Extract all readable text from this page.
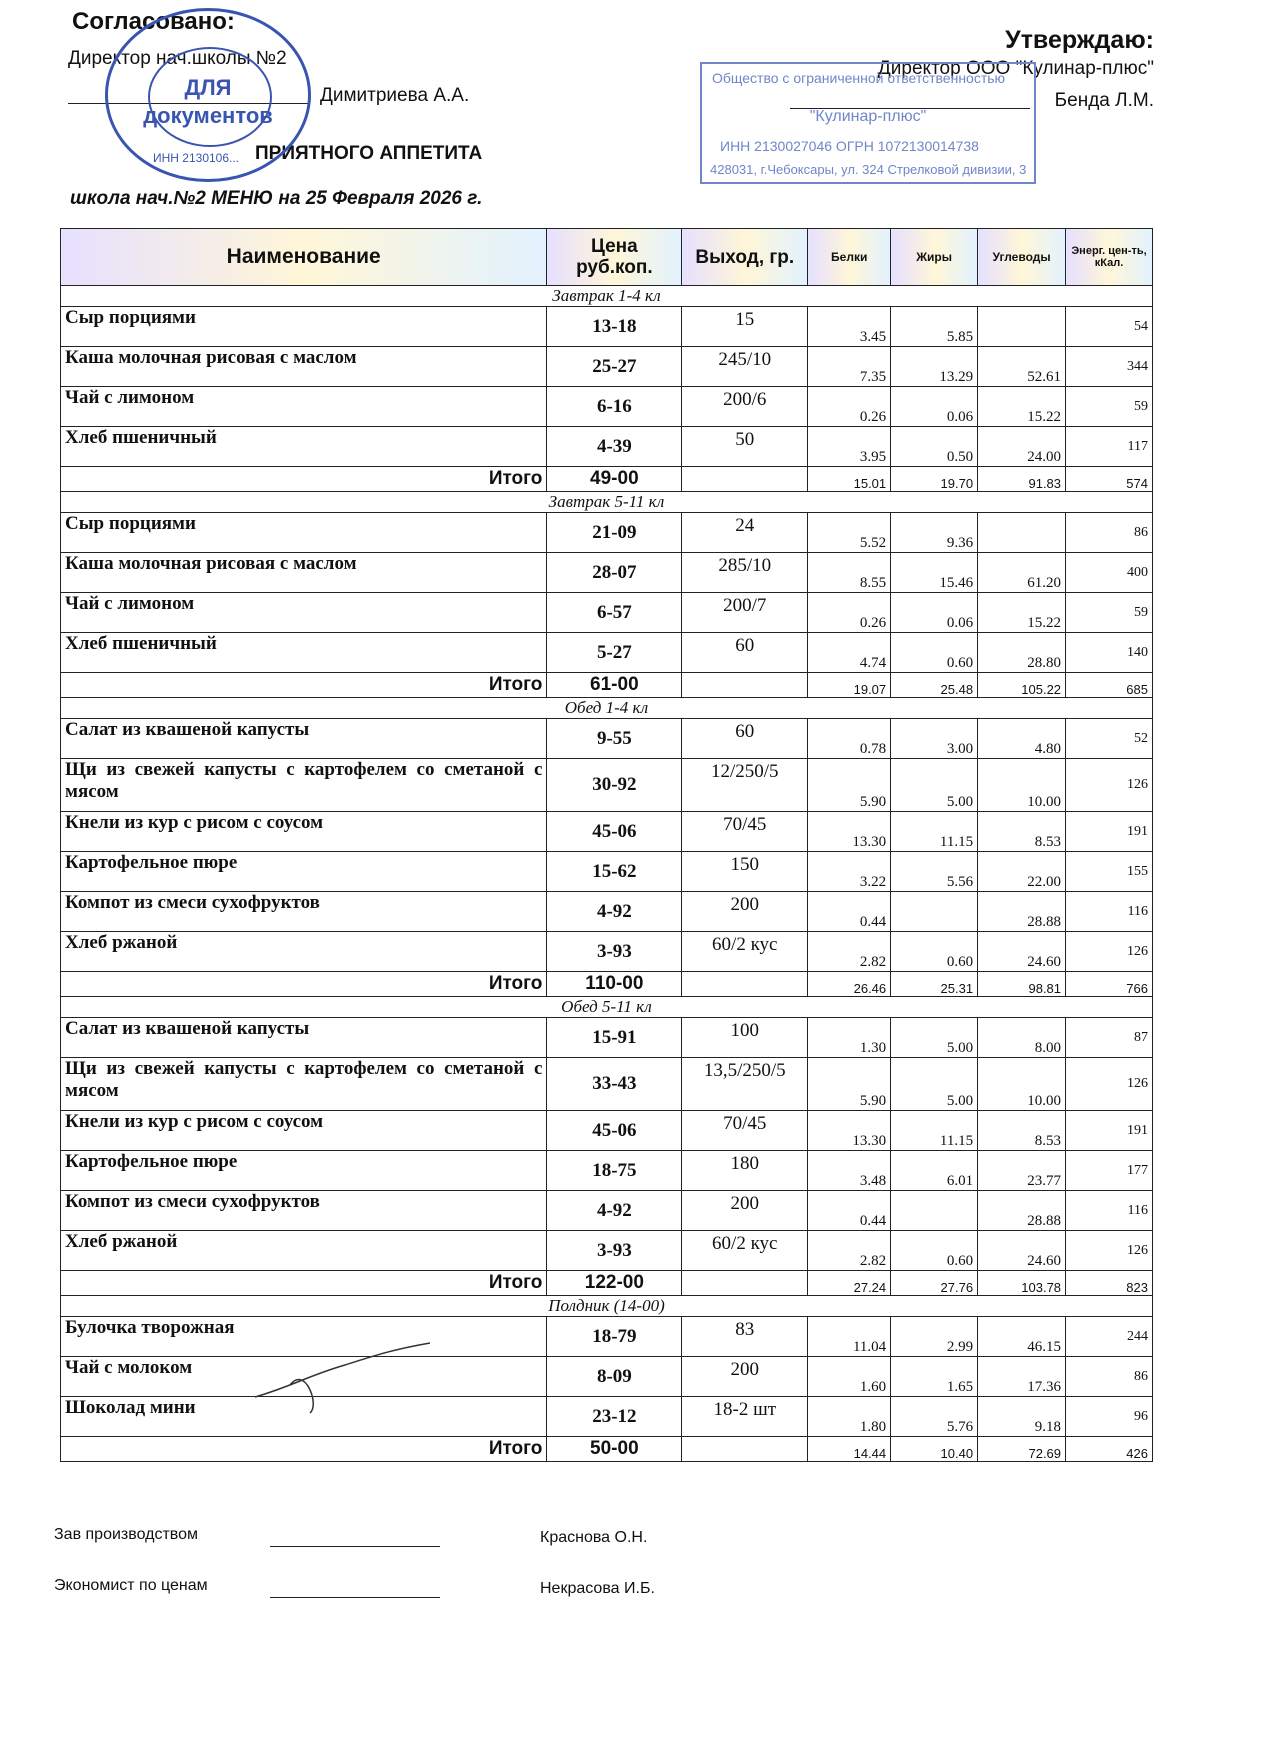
Согласовано:
Директор нач.школы №2
Димитриева А.А.
Утверждаю:
Директор ООО "Кулинар-плюс"
Бенда Л.М.
ПРИЯТНОГО АППЕТИТА
школа нач.№2 МЕНЮ на 25 Февраля 2026 г.
ДЛЯ
документов
ИНН 2130106...
Общество с ограниченной ответственностью
"Кулинар-плюс"
ИНН 2130027046 ОГРН 1072130014738
428031, г.Чебоксары, ул. 324 Стрелковой дивизии, 3
Наименование	Цена руб.коп.	Выход, гр.	Белки	Жиры	Углеводы	Энерг. цен-ть, кКал.
Завтрак 1-4 кл						
Сыр порциями	13-18	15	3.45	5.85		54
Каша молочная рисовая с маслом	25-27	245/10	7.35	13.29	52.61	344
Чай с лимоном	6-16	200/6	0.26	0.06	15.22	59
Хлеб пшеничный	4-39	50	3.95	0.50	24.00	117
Итого	49-00		15.01	19.70	91.83	574
Завтрак 5-11 кл						
Сыр порциями	21-09	24	5.52	9.36		86
Каша молочная рисовая с маслом	28-07	285/10	8.55	15.46	61.20	400
Чай с лимоном	6-57	200/7	0.26	0.06	15.22	59
Хлеб пшеничный	5-27	60	4.74	0.60	28.80	140
Итого	61-00		19.07	25.48	105.22	685
Обед 1-4 кл						
Салат из квашеной капусты	9-55	60	0.78	3.00	4.80	52
Щи из свежей капусты с картофелем со сметаной с мясом	30-92	12/250/5	5.90	5.00	10.00	126
Кнели из кур с рисом с соусом	45-06	70/45	13.30	11.15	8.53	191
Картофельное пюре	15-62	150	3.22	5.56	22.00	155
Компот из смеси сухофруктов	4-92	200	0.44		28.88	116
Хлеб ржаной	3-93	60/2 кус	2.82	0.60	24.60	126
Итого	110-00		26.46	25.31	98.81	766
Обед 5-11 кл						
Салат из квашеной капусты	15-91	100	1.30	5.00	8.00	87
Щи из свежей капусты с картофелем со сметаной с мясом	33-43	13,5/250/5	5.90	5.00	10.00	126
Кнели из кур с рисом с соусом	45-06	70/45	13.30	11.15	8.53	191
Картофельное пюре	18-75	180	3.48	6.01	23.77	177
Компот из смеси сухофруктов	4-92	200	0.44		28.88	116
Хлеб ржаной	3-93	60/2 кус	2.82	0.60	24.60	126
Итого	122-00		27.24	27.76	103.78	823
Полдник (14-00)						
Булочка творожная	18-79	83	11.04	2.99	46.15	244
Чай с молоком	8-09	200	1.60	1.65	17.36	86
Шоколад мини	23-12	18-2 шт	1.80	5.76	9.18	96
Итого	50-00		14.44	10.40	72.69	426
Зав производством	Краснова О.Н.
Экономист по ценам	Некрасова И.Б.
